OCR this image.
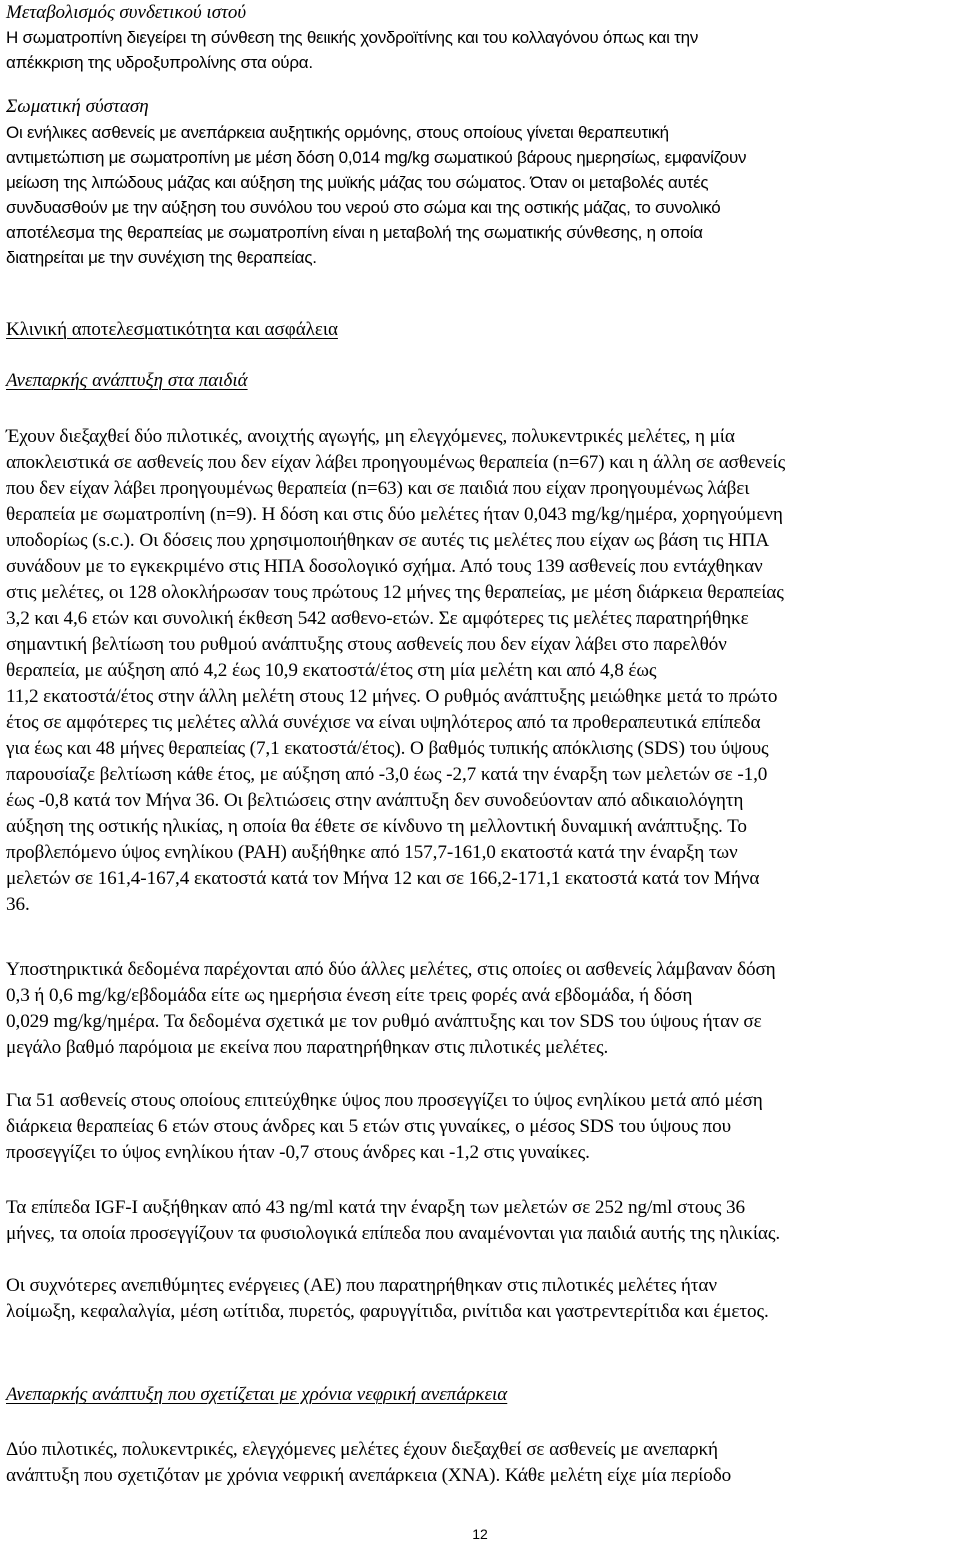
Μεταβολισμός συνδετικού ιστού

Η σωματροπίνη διεγείρει τη σύνθεση της θειικής χονδροϊτίνης και του κολλαγόνου όπως και την
απέκκριση της υδροξυπρολίνης στα ούρα.

Σωματική σύσταση

Οι ενήλικες ασθενείς με ανεπάρκεια αυξητικής ορμόνης, στους οποίους γίνεται θεραπευτική
αντιμετώπιση με σωματροπίνη με μέση δόση 0,014 mg/kg σωματικού βάρους ημερησίως, εμφανίζουν
μείωση της λιπώδους μάζας και αύξηση της μυϊκής μάζας του σώματος. Όταν οι μεταβολές αυτές
συνδυασθούν με την αύξηση του συνόλου του νερού στο σώμα και της οστικής μάζας, το συνολικό
αποτέλεσμα της θεραπείας με σωματροπίνη είναι η μεταβολή της σωματικής σύνθεσης, η οποία
διατηρείται με την συνέχιση της θεραπείας.

Κλινική αποτελεσματικότητα και ασφάλεια
Ανεπαρκής ανάπτυξη στα παιδιά

Έχουν διεξαχθεί δύο πιλοτικές, ανοιχτής αγωγής, μη ελεγχόμενες, πολυκεντρικές μελέτες, η μία
αποκλειστικά σε ασθενείς που δεν είχαν λάβει προηγουμένως θεραπεία (n=67) και η άλλη σε ασθενείς
που δεν είχαν λάβει προηγουμένως θεραπεία (n=63) και σε παιδιά που είχαν προηγουμένως λάβει
θεραπεία με σωματροπίνη (n=9). Η δόση και στις δύο μελέτες ήταν 0,043 mg/kg/ημέρα, χορηγούμενη
υποδορίως (s.c.). Οι δόσεις που χρησιμοποιήθηκαν σε αυτές τις μελέτες που είχαν ως βάση τις ΗΠΑ
συνάδουν με το εγκεκριμένο στις ΗΠΑ δοσολογικό σχήμα. Από τους 139 ασθενείς που εντάχθηκαν
στις μελέτες, οι 128 ολοκλήρωσαν τους πρώτους 12 μήνες της θεραπείας, με μέση διάρκεια θεραπείας
3,2 και 4,6 ετών και συνολική έκθεση 542 ασθενο-ετών. Σε αμφότερες τις μελέτες παρατηρήθηκε
σημαντική βελτίωση του ρυθμού ανάπτυξης στους ασθενείς που δεν είχαν λάβει στο παρελθόν
θεραπεία, με αύξηση από 4,2 έως 10,9 εκατοστά/έτος στη μία μελέτη και από 4,8 έως
11,2 εκατοστά/έτος στην άλλη μελέτη στους 12 μήνες. Ο ρυθμός ανάπτυξης μειώθηκε μετά το πρώτο
έτος σε αμφότερες τις μελέτες αλλά συνέχισε να είναι υψηλότερος από τα προθεραπευτικά επίπεδα
για έως και 48 μήνες θεραπείας (7,1 εκατοστά/έτος). Ο βαθμός τυπικής απόκλισης (SDS) του ύψους
παρουσίαζε βελτίωση κάθε έτος, με αύξηση από -3,0 έως -2,7 κατά την έναρξη των μελετών σε -1,0
έως -0,8 κατά τον Μήνα 36. Οι βελτιώσεις στην ανάπτυξη δεν συνοδεύονταν από αδικαιολόγητη
αύξηση της οστικής ηλικίας, η οποία θα έθετε σε κίνδυνο τη μελλοντική δυναμική ανάπτυξης. Το
προβλεπόμενο ύψος ενηλίκου (PAH) αυξήθηκε από 157,7-161,0 εκατοστά κατά την έναρξη των
μελετών σε 161,4-167,4 εκατοστά κατά τον Μήνα 12 και σε 166,2-171,1 εκατοστά κατά τον Μήνα
36.

Υποστηρικτικά δεδομένα παρέχονται από δύο άλλες μελέτες, στις οποίες οι ασθενείς λάμβαναν δόση
0,3 ή 0,6 mg/kg/εβδομάδα είτε ως ημερήσια ένεση είτε τρεις φορές ανά εβδομάδα, ή δόση
0,029 mg/kg/ημέρα. Τα δεδομένα σχετικά με τον ρυθμό ανάπτυξης και τον SDS του ύψους ήταν σε
μεγάλο βαθμό παρόμοια με εκείνα που παρατηρήθηκαν στις πιλοτικές μελέτες.

Για 51 ασθενείς στους οποίους επιτεύχθηκε ύψος που προσεγγίζει το ύψος ενηλίκου μετά από μέση
διάρκεια θεραπείας 6 ετών στους άνδρες και 5 ετών στις γυναίκες, ο μέσος SDS του ύψους που
προσεγγίζει το ύψος ενηλίκου ήταν -0,7 στους άνδρες και -1,2 στις γυναίκες.

Τα επίπεδα IGF-I αυξήθηκαν από 43 ng/ml κατά την έναρξη των μελετών σε 252 ng/ml στους 36
μήνες, τα οποία προσεγγίζουν τα φυσιολογικά επίπεδα που αναμένονται για παιδιά αυτής της ηλικίας.

Οι συχνότερες ανεπιθύμητες ενέργειες (AE) που παρατηρήθηκαν στις πιλοτικές μελέτες ήταν
λοίμωξη, κεφαλαλγία, μέση ωτίτιδα, πυρετός, φαρυγγίτιδα, ρινίτιδα και γαστρεντερίτιδα και έμετος.

Ανεπαρκής ανάπτυξη που σχετίζεται με χρόνια νεφρική ανεπάρκεια

Δύο πιλοτικές, πολυκεντρικές, ελεγχόμενες μελέτες έχουν διεξαχθεί σε ασθενείς με ανεπαρκή
ανάπτυξη που σχετιζόταν με χρόνια νεφρική ανεπάρκεια (ΧΝΑ). Κάθε μελέτη είχε μία περίοδο

12
